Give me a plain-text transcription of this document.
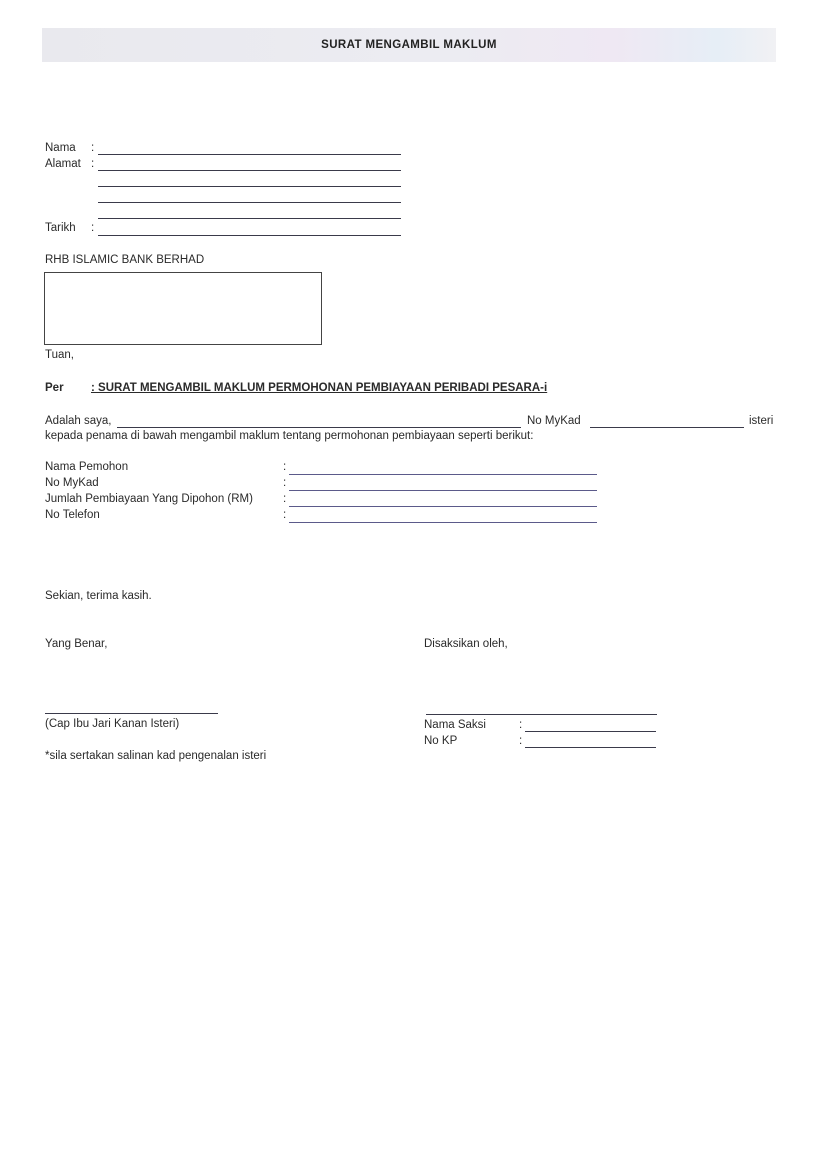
SURAT MENGAMBIL MAKLUM
Nama :
Alamat :
Tarikh :
RHB ISLAMIC BANK BERHAD
Tuan,
Per : SURAT MENGAMBIL MAKLUM PERMOHONAN PEMBIAYAAN PERIBADI PESARA-i
Adalah saya,	No MyKad	isteri
kepada penama di bawah mengambil maklum tentang permohonan pembiayaan seperti berikut:
Nama Pemohon	:
No MyKad	:
Jumlah Pembiayaan Yang Dipohon (RM)	:
No Telefon	:
Sekian, terima kasih.
Yang Benar,	Disaksikan oleh,
(Cap Ibu Jari Kanan Isteri)	Nama Saksi	:
No KP	:
*sila sertakan salinan kad pengenalan isteri
